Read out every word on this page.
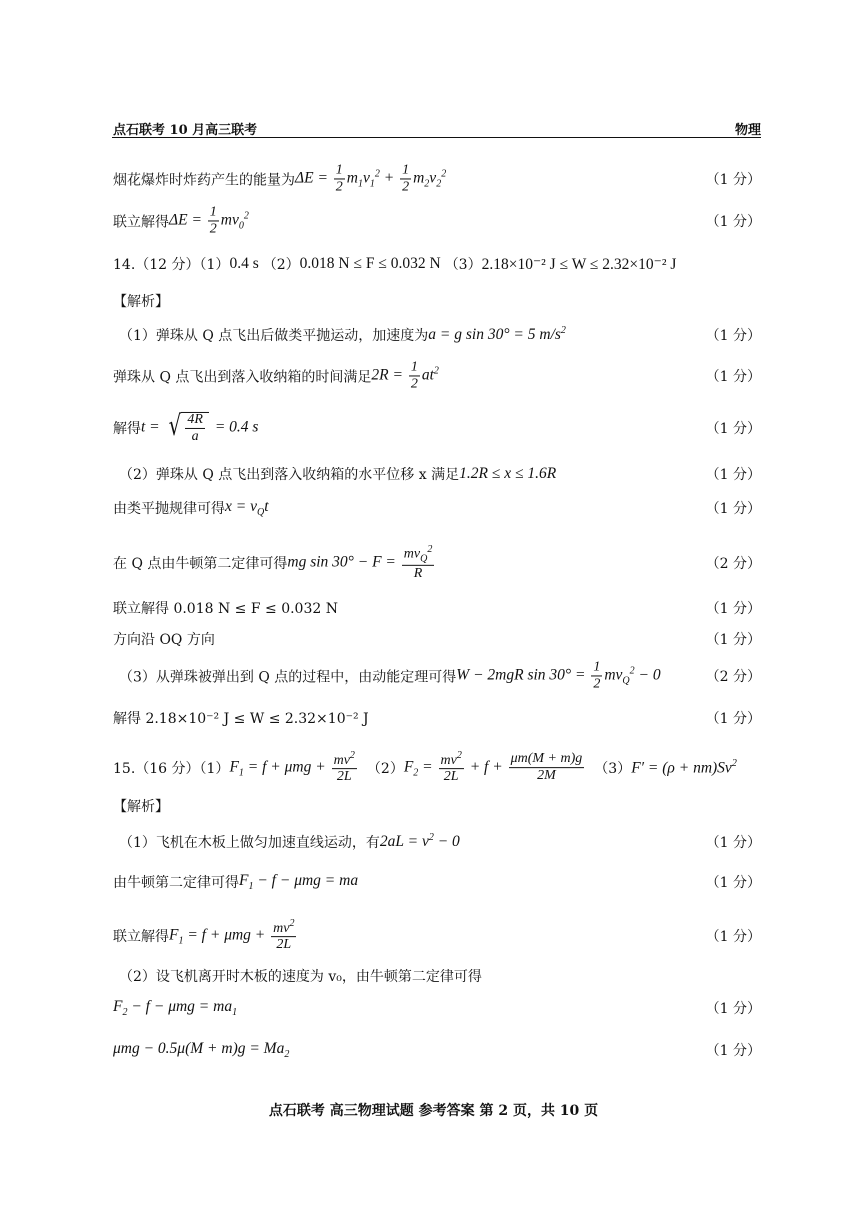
点石联考 10 月高三联考	物理
烟花爆炸时炸药产生的能量为 $\Delta E = \frac{1}{2} m_1v_1^2 + \frac{1}{2} m_2v_2^2$	（1 分）
联立解得 $\Delta E = \frac{1}{2} mv_0^2$	（1 分）
14.（12 分）（1） 0.4 s （2） 0.018 N ≤ F ≤ 0.032 N （3） 2.18×10⁻² J ≤ W ≤ 2.32×10⁻² J
【解析】
（1）弹珠从 Q 点飞出后做类平抛运动，加速度为 a = g sin 30° = 5 $m/s^2$	（1 分）
弹珠从 Q 点飞出到落入收纳箱的时间满足 $2R = \frac{1}{2} at^2$	（1 分）
解得 t = √ $\frac{4R}{a} = 0.4$ s	（1 分）
（2）弹珠从 Q 点飞出到落入收纳箱的水平位移 x 满足 1.2R ≤ x ≤ 1.6R	（1 分）
由类平抛规律可得 $x = v_Qt$	（1 分）
在 Q 点由牛顿第二定律可得 mg $\sin 30^\circ - F = \frac{mv_Q^2}{R}$	（2 分）
联立解得 0.018 N ≤ F ≤ 0.032 N	（1 分）
方向沿 OQ 方向	（1 分）
（3）从弹珠被弹出到 Q 点的过程中，由动能定理可得 W − 2mgR $\sin 30^\circ = \frac{1}{2} mv_Q^2 - 0$	（2 分）
解得 2.18×10⁻² J ≤ W ≤ 2.32×10⁻² J	（1 分）
15.（16 分）（1） $F_1 = f + \mu mg + \frac{mv^2}{2L} (2) F_2 = \frac{mv^2}{2L} + f + \frac{\mu m(M + m)g}{2M} (3) F' = (\rho + nm)Sv^2$
【解析】
（1）飞机在木板上做匀加速直线运动，有 $2aL = v^2 - 0$	（1 分）
由牛顿第二定律可得 $F_1 - f - \mu mg$ = ma	（1 分）
联立解得 $F_1 = f + \mu mg + \frac{mv^2}{2L}$	（1 分）
（2）设飞机离开时木板的速度为 v₀，由牛顿第二定律可得
$F_2 - f - \mu mg = ma_1$	（1 分）
$\mu mg - 0.5\mu(M + m)g = Ma_2$	（1 分）
点石联考 高三物理试题 参考答案 第 2 页，共 10 页
